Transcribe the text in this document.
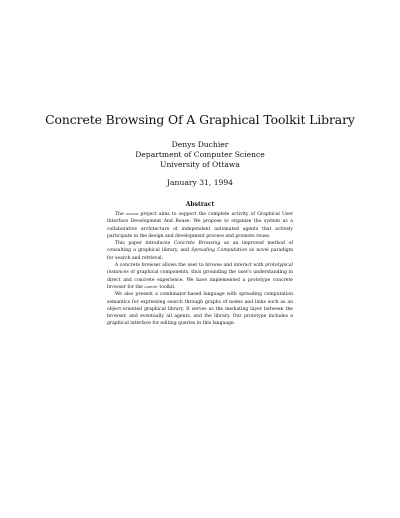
Concrete Browsing Of A Graphical Toolkit Library
Denys Duchier
Department of Computer Science
University of Ottawa
January 31, 1994
Abstract

The gidiam project aims to support the complete activity of Graphical User Interface Development And Reuse. We propose to organize the system as a collaborative architecture of independent automated agents that actively participate in the design and development process and promote reuse.

This paper introduces Concrete Browsing as an improved method of consulting a graphical library, and Spreading Computation as novel paradigm for search and retrieval.

A concrete browser allows the user to browse and interact with prototypical instances of graphical components, thus grounding the user's understanding in direct and concrete experience. We have implemented a prototype concrete browser for the garnet toolkit.

We also present a combinator-based language with spreading computation semantics for expressing search through graphs of nodes and links such as an object-oriented graphical library. It serves as the mediating layer between the browser, and eventually all agents, and the library. Our prototype includes a graphical interface for editing queries in this language.
